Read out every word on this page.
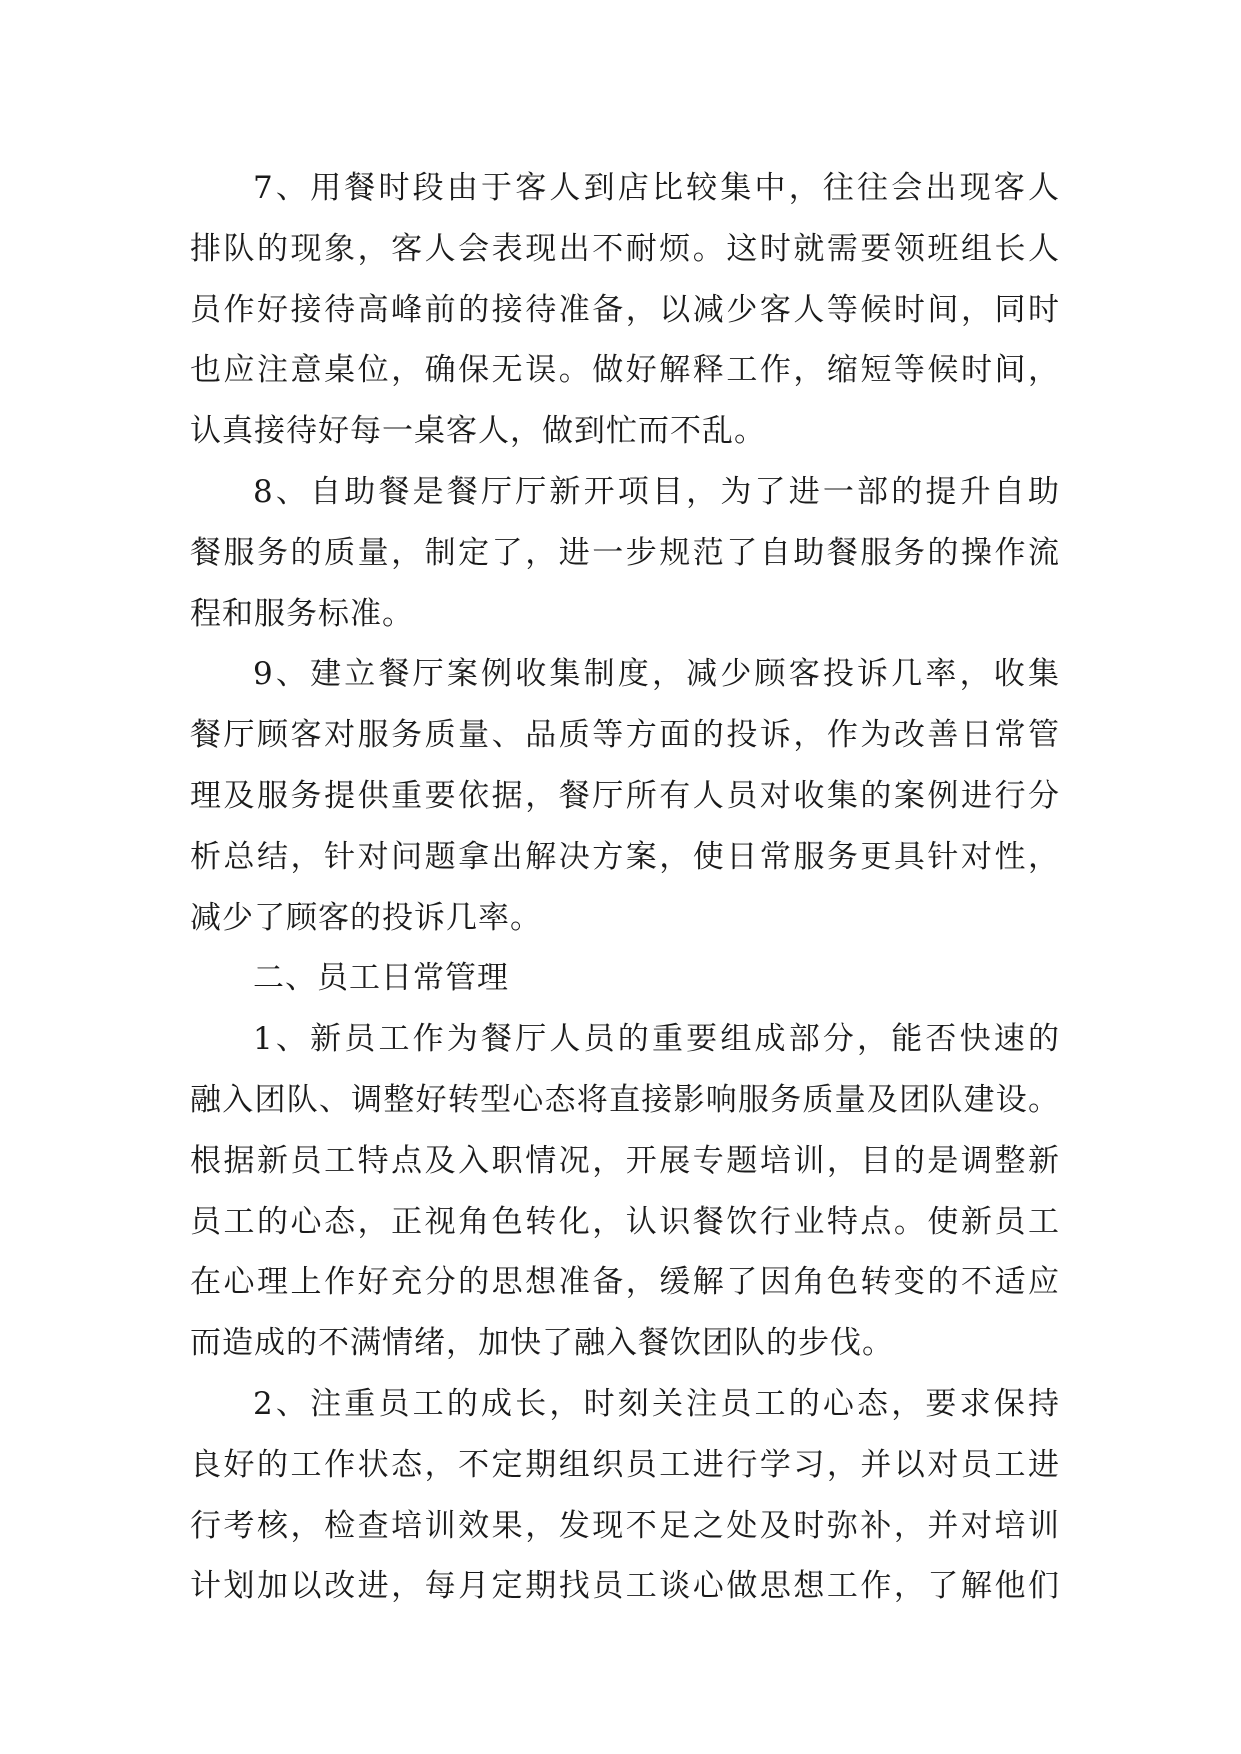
7、用餐时段由于客人到店比较集中，往往会出现客人
排队的现象，客人会表现出不耐烦。这时就需要领班组长人
员作好接待高峰前的接待准备，以减少客人等候时间，同时
也应注意桌位，确保无误。做好解释工作，缩短等候时间，
认真接待好每一桌客人，做到忙而不乱。
8、自助餐是餐厅厅新开项目，为了进一部的提升自助
餐服务的质量，制定了，进一步规范了自助餐服务的操作流
程和服务标准。
9、建立餐厅案例收集制度，减少顾客投诉几率，收集
餐厅顾客对服务质量、品质等方面的投诉，作为改善日常管
理及服务提供重要依据，餐厅所有人员对收集的案例进行分
析总结，针对问题拿出解决方案，使日常服务更具针对性，
减少了顾客的投诉几率。
二、员工日常管理
1、新员工作为餐厅人员的重要组成部分，能否快速的
融入团队、调整好转型心态将直接影响服务质量及团队建设。
根据新员工特点及入职情况，开展专题培训，目的是调整新
员工的心态，正视角色转化，认识餐饮行业特点。使新员工
在心理上作好充分的思想准备，缓解了因角色转变的不适应
而造成的不满情绪，加快了融入餐饮团队的步伐。
2、注重员工的成长，时刻关注员工的心态，要求保持
良好的工作状态，不定期组织员工进行学习，并以对员工进
行考核，检查培训效果，发现不足之处及时弥补，并对培训
计划加以改进，每月定期找员工谈心做思想工作，了解他们
